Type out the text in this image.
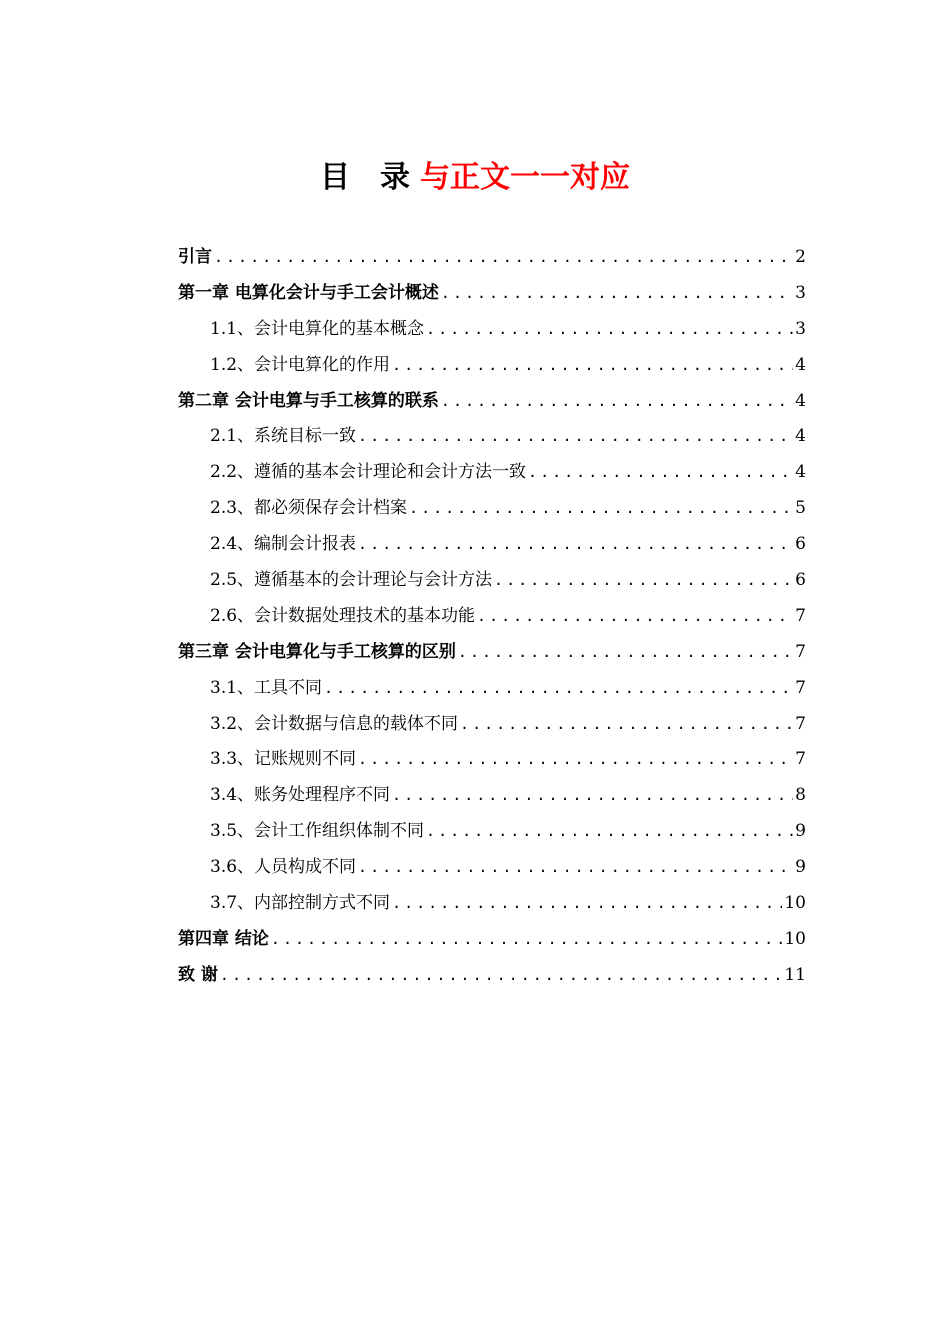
目　录 与正文一一对应
引言 .....	2
第一章 电算化会计与手工会计概述 .....	3
1.1、会计电算化的基本概念 .....	3
1.2、会计电算化的作用 .....	4
第二章 会计电算与手工核算的联系 .....	4
2.1、系统目标一致 .....	4
2.2、遵循的基本会计理论和会计方法一致 .....	4
2.3、都必须保存会计档案 .....	5
2.4、编制会计报表 .....	6
2.5、遵循基本的会计理论与会计方法 .....	6
2.6、会计数据处理技术的基本功能 .....	7
第三章 会计电算化与手工核算的区别 .....	7
3.1、工具不同 .....	7
3.2、会计数据与信息的载体不同 .....	7
3.3、记账规则不同 .....	7
3.4、账务处理程序不同 .....	8
3.5、会计工作组织体制不同 .....	9
3.6、人员构成不同 .....	9
3.7、内部控制方式不同 .....	10
第四章 结论 .....	10
致 谢 .....	11
